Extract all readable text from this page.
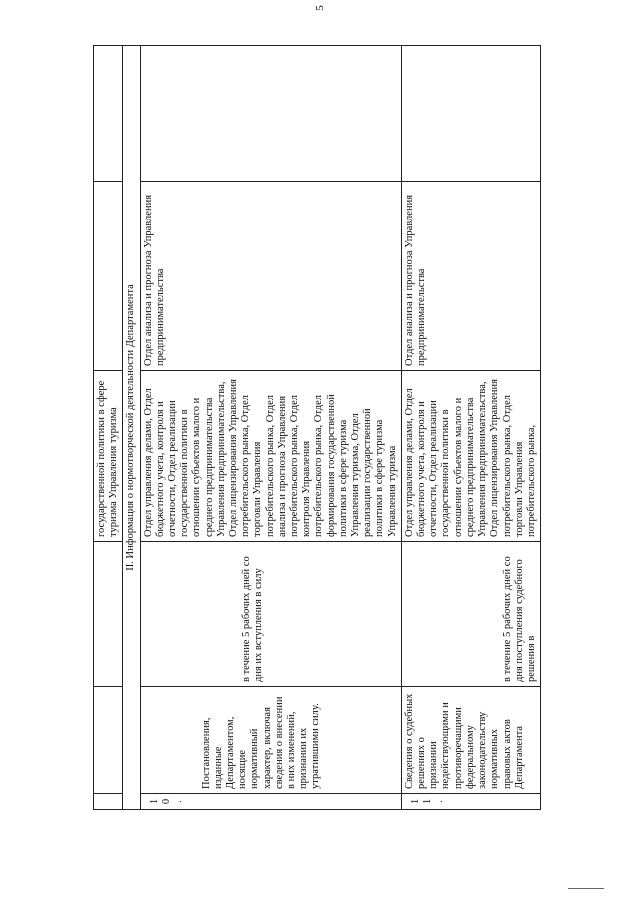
5
			государственной политики в сфере туризма Управления туризма		
II. Информация о нормотворческой деятельности Департамента					
10.	Постановления, изданные Департаментом, носящие нормативный характер, включая сведения о внесении в них изменений, признании их утратившими силу.	в течение 5 рабочих дней со дня их вступления в силу	Отдел управления делами, Отдел бюджетного учета, контроля и отчетности, Отдел реализации государственной политики в отношении субъектов малого и среднего предпринимательства Управления предпринимательства, Отдел лицензирования Управления потребительского рынка, Отдел торговли Управления потребительского рынка, Отдел анализа и прогноза Управления потребительского рынка, Отдел контроля Управления потребительского рынка, Отдел формирования государственной политики в сфере туризма Управления туризма, Отдел реализации государственной политики в сфере туризма Управления туризма	Отдел анализа и прогноза Управления предпринимательства	
11.	Сведения о судебных решениях о признании недействующими и противоречащими федеральному законодательству нормативных правовых актов Департамента	в течение 5 рабочих дней со дня поступления судебного решения в	Отдел управления делами, Отдел бюджетного учета, контроля и отчетности, Отдел реализации государственной политики в отношении субъектов малого и среднего предпринимательства Управления предпринимательства, Отдел лицензирования Управления потребительского рынка, Отдел торговли Управления потребительского рынка,	Отдел анализа и прогноза Управления предпринимательства	
